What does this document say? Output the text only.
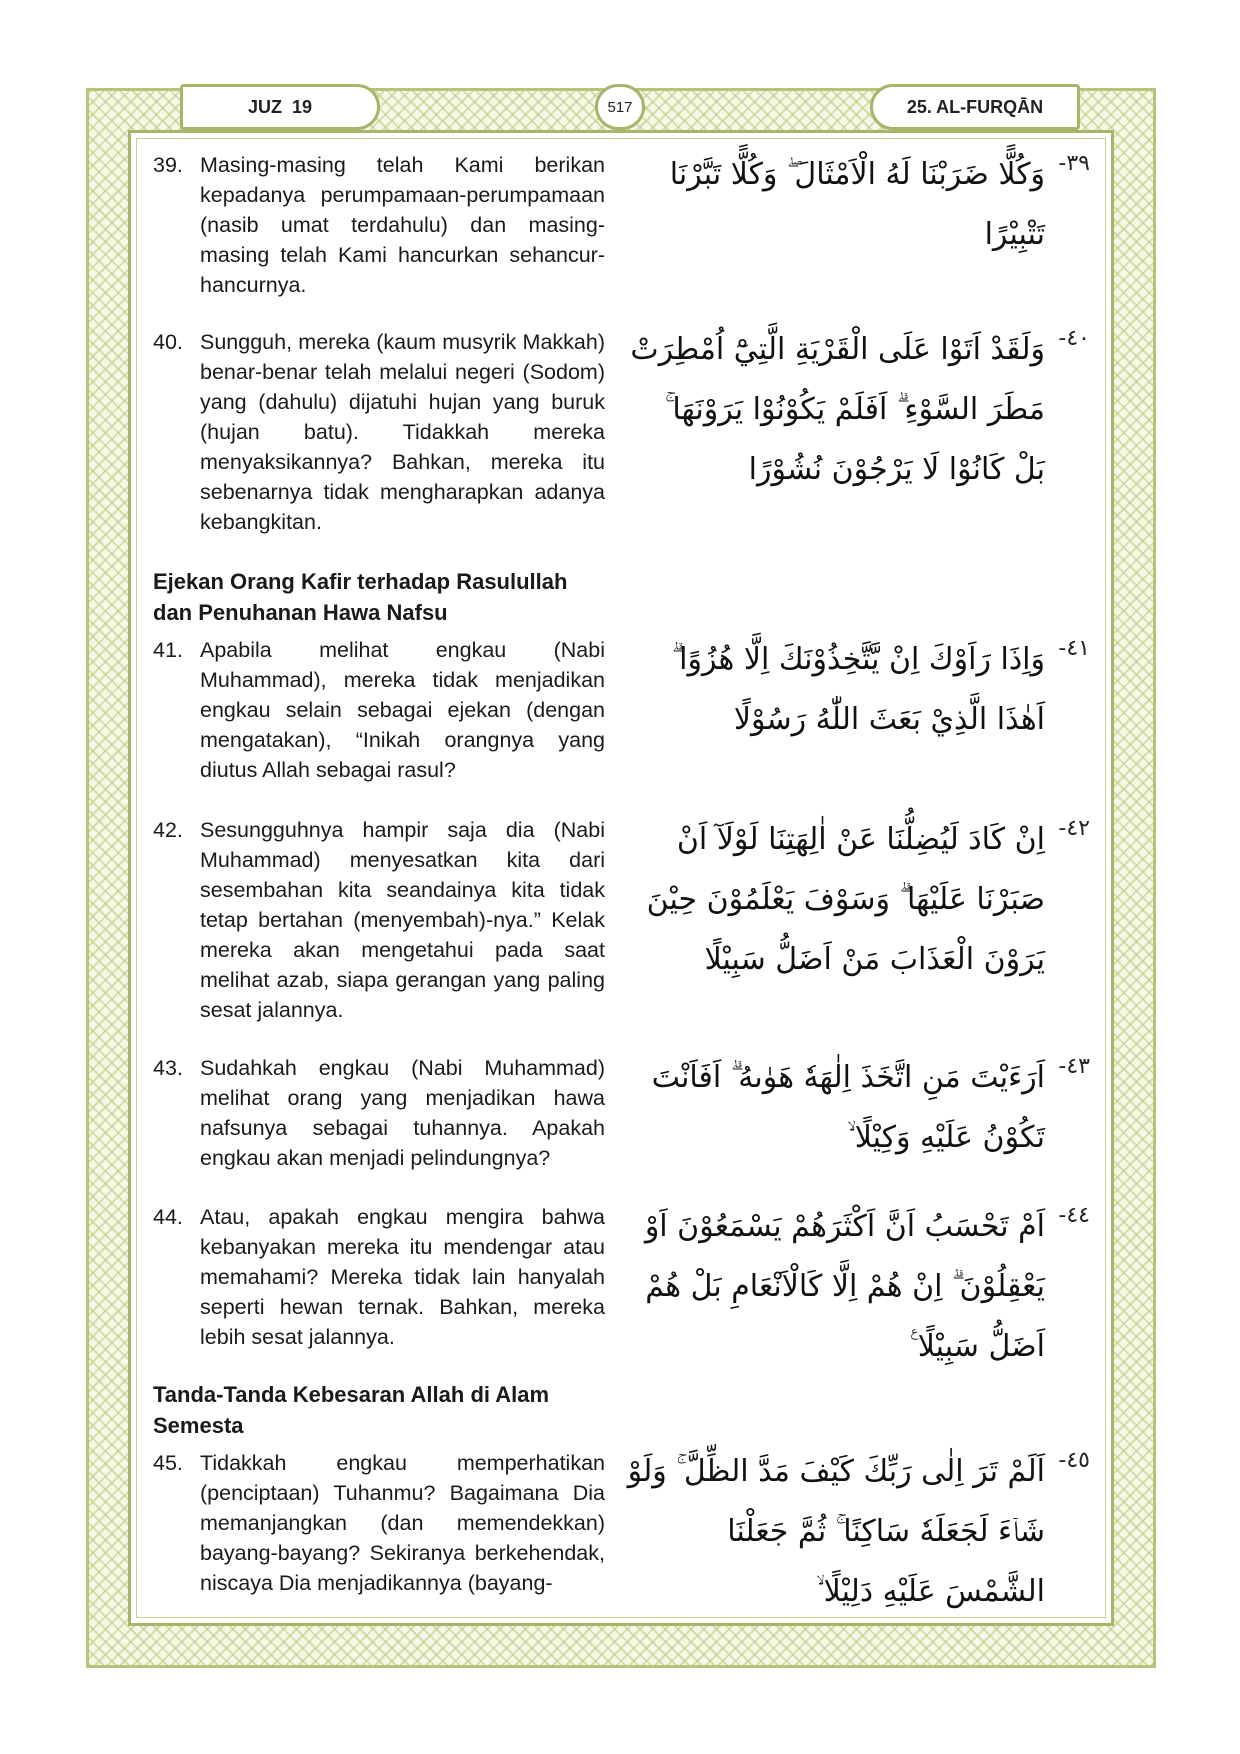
JUZ  19	517	25. AL-FURQĀN
39. Masing-masing telah Kami berikan kepadanya perumpamaan-perumpamaan (nasib umat terdahulu) dan masing-masing telah Kami hancurkan sehancur-hancurnya.
40. Sungguh, mereka (kaum musyrik Makkah) benar-benar telah melalui negeri (Sodom) yang (dahulu) dijatuhi hujan yang buruk (hujan batu). Tidakkah mereka menyaksikannya? Bahkan, mereka itu sebenarnya tidak mengharapkan adanya kebangkitan.
Ejekan Orang Kafir terhadap Rasulullah dan Penuhanan Hawa Nafsu
41. Apabila melihat engkau (Nabi Muhammad), mereka tidak menjadikan engkau selain sebagai ejekan (dengan mengatakan), “Inikah orangnya yang diutus Allah sebagai rasul?
42. Sesungguhnya hampir saja dia (Nabi Muhammad) menyesatkan kita dari sesembahan kita seandainya kita tidak tetap bertahan (menyembah)-nya.” Kelak mereka akan mengetahui pada saat melihat azab, siapa gerangan yang paling sesat jalannya.
43. Sudahkah engkau (Nabi Muhammad) melihat orang yang menjadikan hawa nafsunya sebagai tuhannya. Apakah engkau akan menjadi pelindungnya?
44. Atau, apakah engkau mengira bahwa kebanyakan mereka itu mendengar atau memahami? Mereka tidak lain hanyalah seperti hewan ternak. Bahkan, mereka lebih sesat jalannya.
Tanda-Tanda Kebesaran Allah di Alam Semesta
45. Tidakkah engkau memperhatikan (penciptaan) Tuhanmu? Bagaimana Dia memanjangkan (dan memendekkan) bayang-bayang? Sekiranya berkehendak, niscaya Dia menjadikannya (bayang-
٣٩-
وَكُلًّا ضَرَبْنَا لَهُ الْاَمْثَالَ ۖ وَكُلًّا تَبَّرْنَا تَتْبِيْرًا
٤٠-
وَلَقَدْ اَتَوْا عَلَى الْقَرْيَةِ الَّتِيْٓ اُمْطِرَتْ مَطَرَ السَّوْءِ ۗ اَفَلَمْ يَكُوْنُوْا يَرَوْنَهَا ۚ بَلْ كَانُوْا لَا يَرْجُوْنَ نُشُوْرًا
٤١-
وَاِذَا رَاَوْكَ اِنْ يَّتَّخِذُوْنَكَ اِلَّا هُزُوًا ۗ اَهٰذَا الَّذِيْ بَعَثَ اللّٰهُ رَسُوْلًا
٤٢-
اِنْ كَادَ لَيُضِلُّنَا عَنْ اٰلِهَتِنَا لَوْلَآ اَنْ صَبَرْنَا عَلَيْهَا ۗ وَسَوْفَ يَعْلَمُوْنَ حِيْنَ يَرَوْنَ الْعَذَابَ مَنْ اَضَلُّ سَبِيْلًا
٤٣-
اَرَءَيْتَ مَنِ اتَّخَذَ اِلٰهَهٗ هَوٰىهُ ۗ اَفَاَنْتَ تَكُوْنُ عَلَيْهِ وَكِيْلًا ۙ
٤٤-
اَمْ تَحْسَبُ اَنَّ اَكْثَرَهُمْ يَسْمَعُوْنَ اَوْ يَعْقِلُوْنَ ۗ اِنْ هُمْ اِلَّا كَالْاَنْعَامِ بَلْ هُمْ اَضَلُّ سَبِيْلًا ࣖ
٤٥-
اَلَمْ تَرَ اِلٰى رَبِّكَ كَيْفَ مَدَّ الظِّلَّ ۚ وَلَوْ شَاۤءَ لَجَعَلَهٗ سَاكِنًا ۚ ثُمَّ جَعَلْنَا الشَّمْسَ عَلَيْهِ دَلِيْلًا ۙ
